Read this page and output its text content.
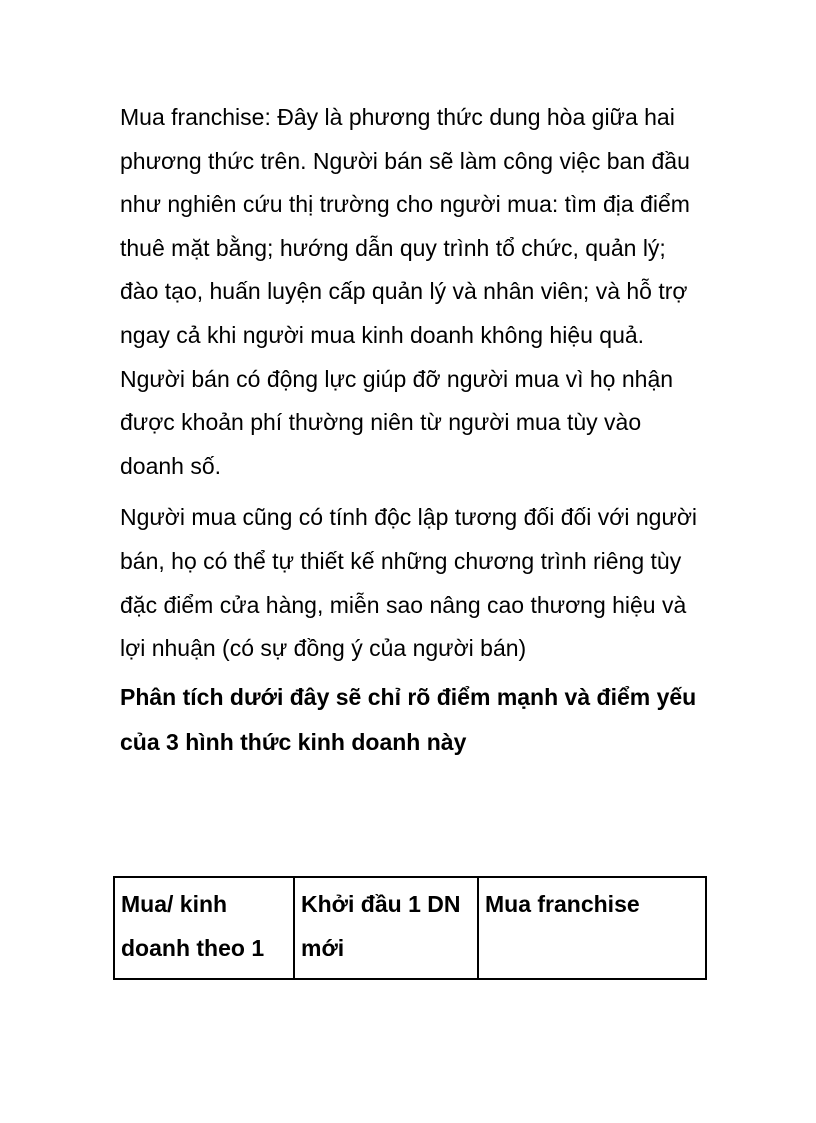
Mua franchise: Đây là phương thức dung hòa giữa hai phương thức trên. Người bán sẽ làm công việc ban đầu như nghiên cứu thị trường cho người mua: tìm địa điểm thuê mặt bằng; hướng dẫn quy trình tổ chức, quản lý; đào tạo, huấn luyện cấp quản lý và nhân viên; và hỗ trợ ngay cả khi người mua kinh doanh không hiệu quả. Người bán có động lực giúp đỡ người mua vì họ nhận được khoản phí thường niên từ người mua tùy vào doanh số.

Người mua cũng có tính độc lập tương đối đối với người bán, họ có thể tự thiết kế những chương trình riêng tùy đặc điểm cửa hàng, miễn sao nâng cao thương hiệu và lợi nhuận (có sự đồng ý của người bán)

Phân tích dưới đây sẽ chỉ rõ điểm mạnh và điểm yếu của 3 hình thức kinh doanh này

Mua/ kinh doanh theo 1	Khởi đầu 1 DN mới	Mua franchise
